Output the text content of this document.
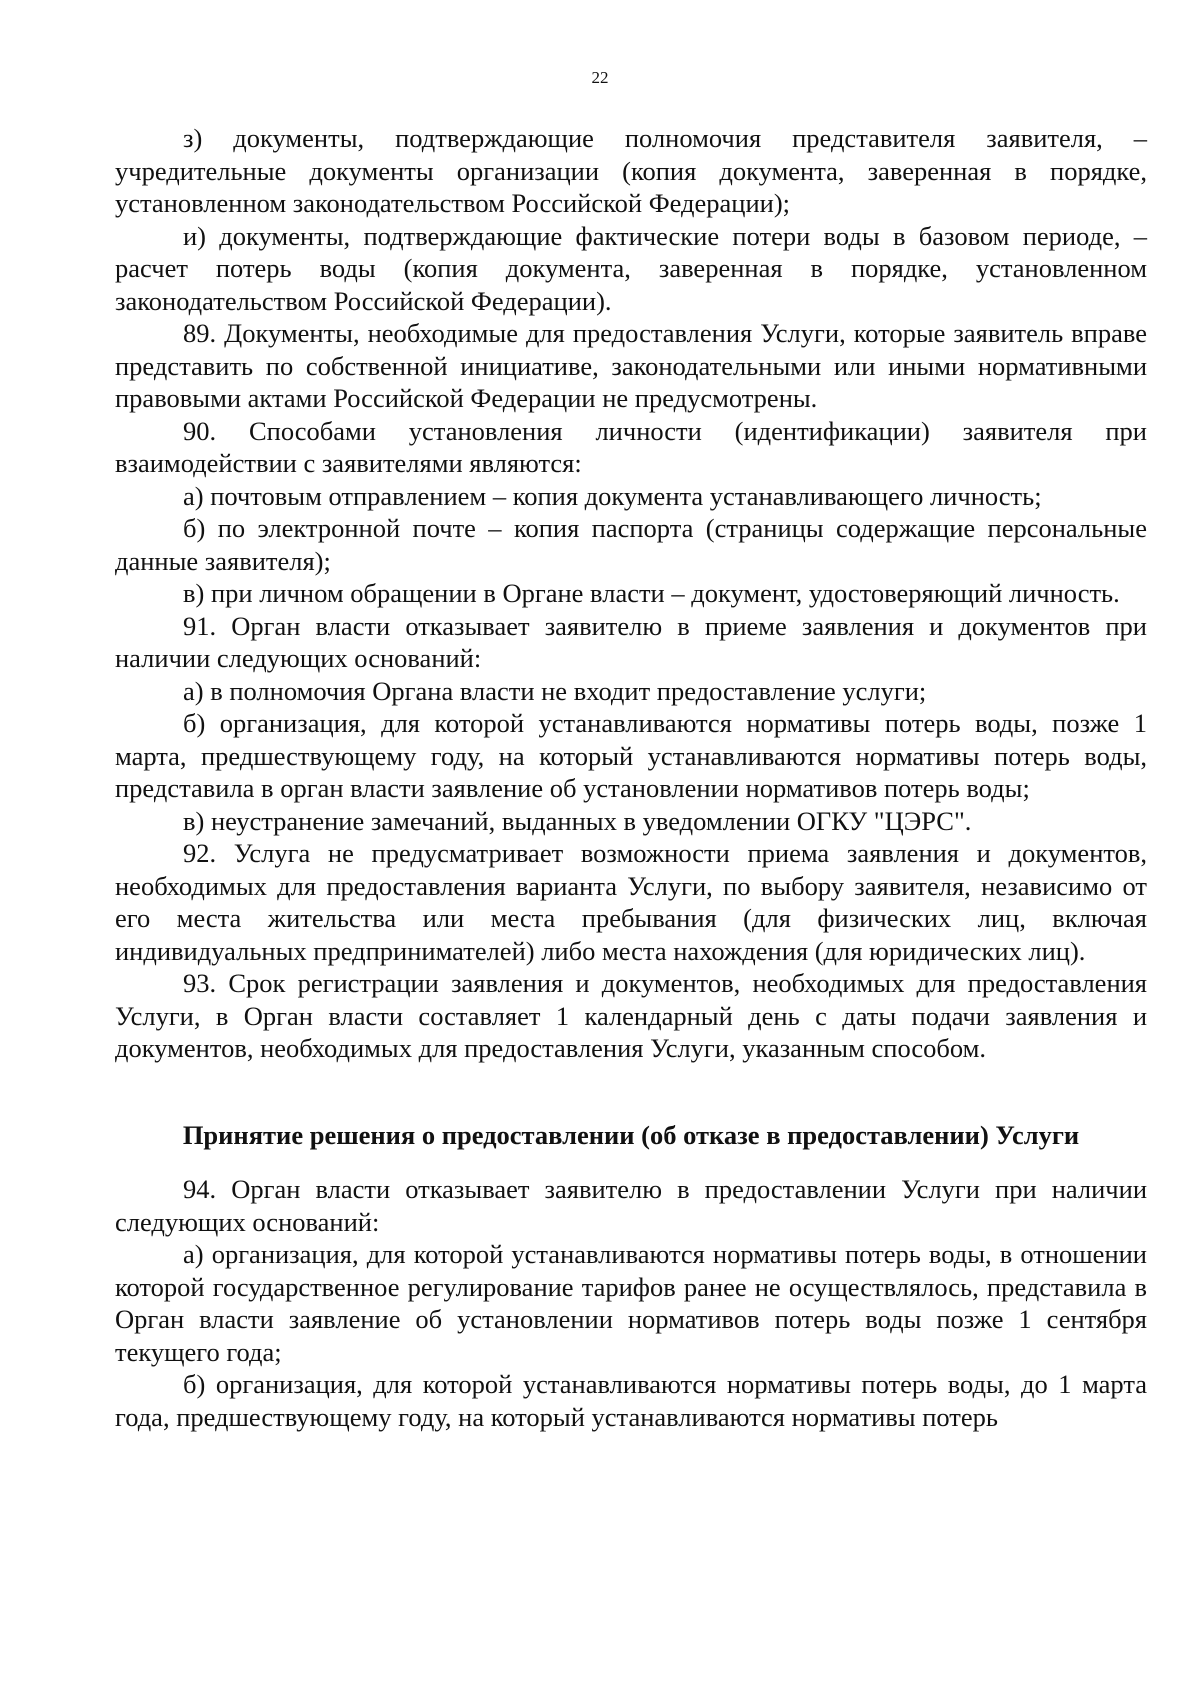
22

з) документы, подтверждающие полномочия представителя заявителя, – учредительные документы организации (копия документа, заверенная в порядке, установленном законодательством Российской Федерации);

и) документы, подтверждающие фактические потери воды в базовом периоде, – расчет потерь воды (копия документа, заверенная в порядке, установленном законодательством Российской Федерации).

89. Документы, необходимые для предоставления Услуги, которые заявитель вправе представить по собственной инициативе, законодательными или иными нормативными правовыми актами Российской Федерации не предусмотрены.

90. Способами установления личности (идентификации) заявителя при взаимодействии с заявителями являются:

а) почтовым отправлением – копия документа устанавливающего личность;

б) по электронной почте – копия паспорта (страницы содержащие персональные данные заявителя);

в) при личном обращении в Органе власти – документ, удостоверяющий личность.

91. Орган власти отказывает заявителю в приеме заявления и документов при наличии следующих оснований:

а) в полномочия Органа власти не входит предоставление услуги;

б) организация, для которой устанавливаются нормативы потерь воды, позже 1 марта, предшествующему году, на который устанавливаются нормативы потерь воды, представила в орган власти заявление об установлении нормативов потерь воды;

в) неустранение замечаний, выданных в уведомлении ОГКУ "ЦЭРС".

92. Услуга не предусматривает возможности приема заявления и документов, необходимых для предоставления варианта Услуги, по выбору заявителя, независимо от его места жительства или места пребывания (для физических лиц, включая индивидуальных предпринимателей) либо места нахождения (для юридических лиц).

93. Срок регистрации заявления и документов, необходимых для предоставления Услуги, в Орган власти составляет 1 календарный день с даты подачи заявления и документов, необходимых для предоставления Услуги, указанным способом.

Принятие решения о предоставлении (об отказе в предоставлении) Услуги

94. Орган власти отказывает заявителю в предоставлении Услуги при наличии следующих оснований:

а) организация, для которой устанавливаются нормативы потерь воды, в отношении которой государственное регулирование тарифов ранее не осуществлялось, представила в Орган власти заявление об установлении нормативов потерь воды позже 1 сентября текущего года;

б) организация, для которой устанавливаются нормативы потерь воды, до 1 марта года, предшествующему году, на который устанавливаются нормативы потерь
